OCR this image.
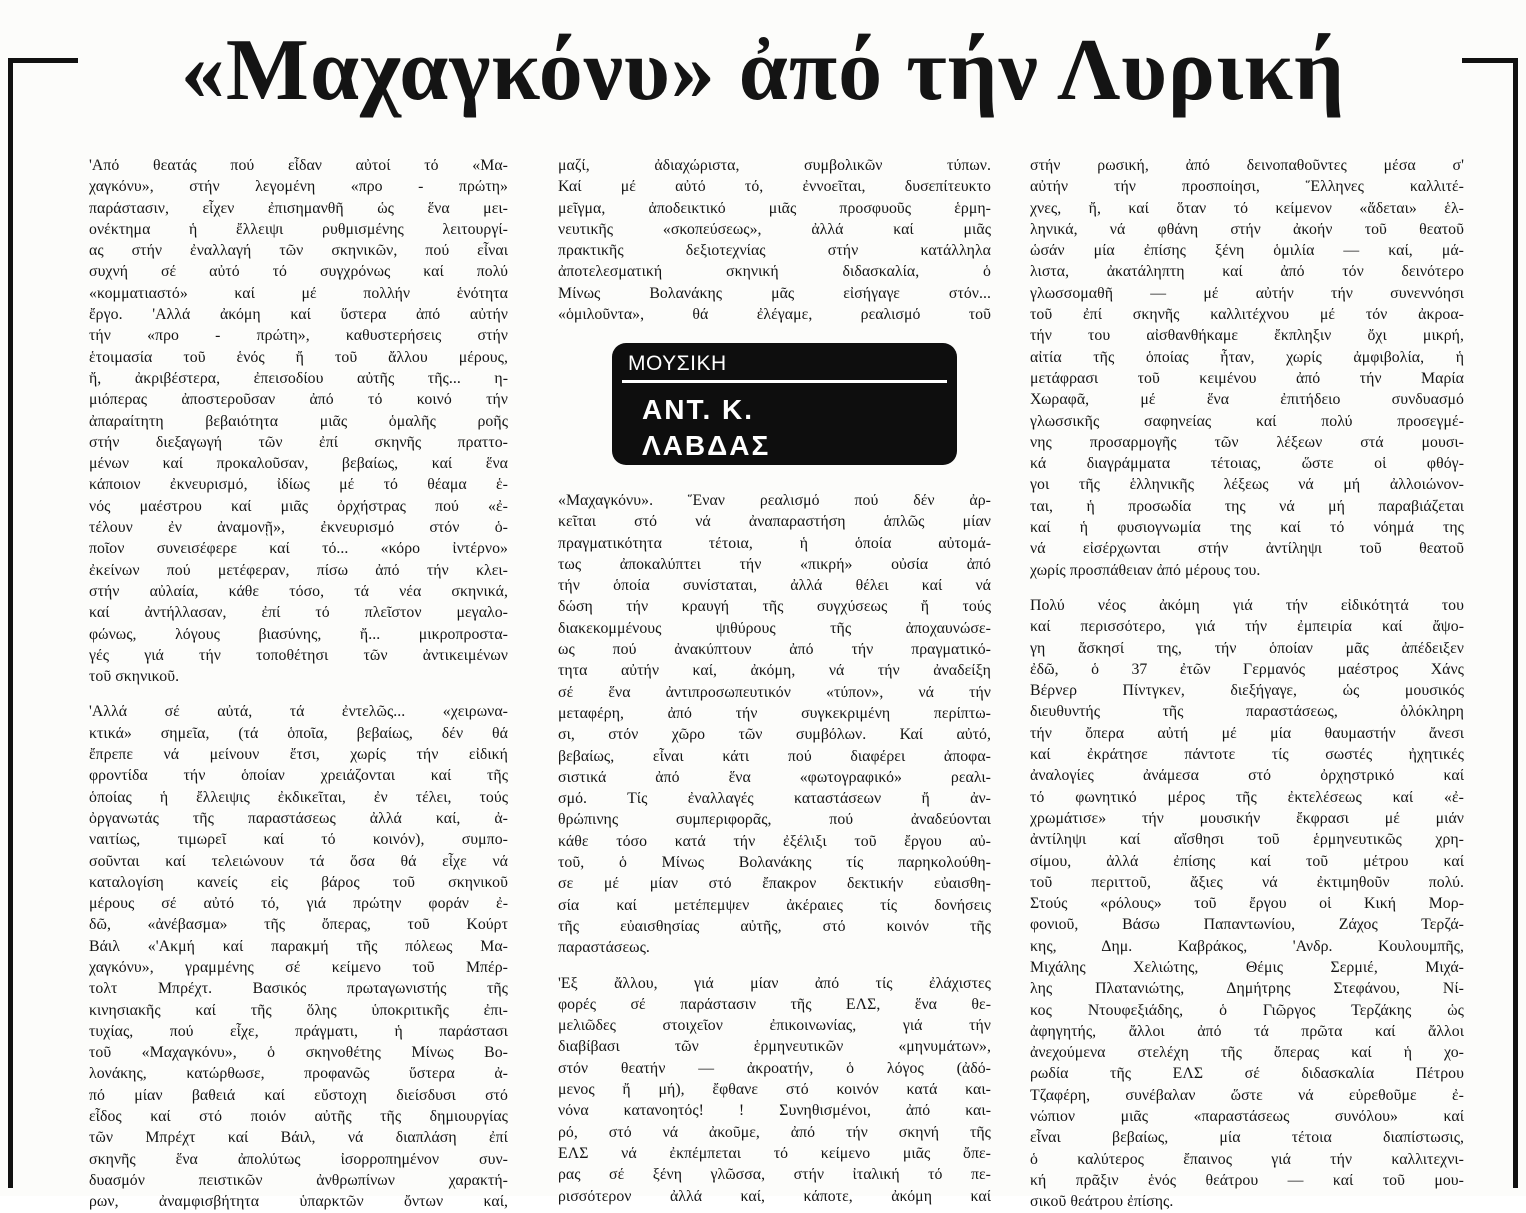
«Μαχαγκόνυ» ἀπό τήν Λυρική
'Από θεατάς πού εἶδαν αὐτοί τό «Μα-
χαγκόνυ», στήν λεγομένη «προ - πρώτη»
παράστασιν, εἶχεν ἐπισημανθῆ ὡς ἕνα μει-
ονέκτημα ἡ ἔλλειψι ρυθμισμένης λειτουργί-
ας στήν ἐναλλαγή τῶν σκηνικῶν, πού εἶναι
συχνή σέ αὐτό τό συγχρόνως καί πολύ
«κομματιαστό» καί μέ πολλήν ἑνότητα
ἔργο. 'Αλλά ἀκόμη καί ὕστερα ἀπό αὐτήν
τήν «προ - πρώτη», καθυστερήσεις στήν
ἑτοιμασία τοῦ ἑνός ἤ τοῦ ἄλλου μέρους,
ἤ, ἀκριβέστερα, ἐπεισοδίου αὐτῆς τῆς... η-
μιόπερας ἀποστεροῦσαν ἀπό τό κοινό τήν
ἀπαραίτητη βεβαιότητα μιᾶς ὁμαλῆς ροῆς
στήν διεξαγωγή τῶν ἐπί σκηνῆς πραττο-
μένων καί προκαλοῦσαν, βεβαίως, καί ἕνα
κάποιον ἐκνευρισμό, ἰδίως μέ τό θέαμα ἑ-
νός μαέστρου καί μιᾶς ὀρχήστρας πού «ἐ-
τέλουν ἐν ἀναμονῇ», ἐκνευρισμό στόν ὁ-
ποῖον συνεισέφερε καί τό... «κόρο ἰντέρνο»
ἐκείνων πού μετέφεραν, πίσω ἀπό τήν κλει-
στήν αὐλαία, κάθε τόσο, τά νέα σκηνικά,
καί ἀντήλλασαν, ἐπί τό πλεῖστον μεγαλο-
φώνως, λόγους βιασύνης, ἤ... μικροπροστα-
γές γιά τήν τοποθέτησι τῶν ἀντικειμένων
τοῦ σκηνικοῦ.
'Αλλά σέ αὐτά, τά ἐντελῶς... «χειρωνα-
κτικά» σημεῖα, (τά ὁποῖα, βεβαίως, δέν θά
ἔπρεπε νά μείνουν ἔτσι, χωρίς τήν εἰδική
φροντίδα τήν ὁποίαν χρειάζονται καί τῆς
ὁποίας ἡ ἔλλειψις ἐκδικεῖται, ἐν τέλει, τούς
ὀργανωτάς τῆς παραστάσεως ἀλλά καί, ἀ-
ναιτίως, τιμωρεῖ καί τό κοινόν), συμπο-
σοῦνται καί τελειώνουν τά ὅσα θά εἶχε νά
καταλογίση κανείς εἰς βάρος τοῦ σκηνικοῦ
μέρους σέ αὐτό τό, γιά πρώτην φοράν ἐ-
δῶ, «ἀνέβασμα» τῆς ὄπερας, τοῦ Κούρτ
Βάιλ «'Ακμή καί παρακμή τῆς πόλεως Μα-
χαγκόνυ», γραμμένης σέ κείμενο τοῦ Μπέρ-
τολτ Μπρέχτ. Βασικός πρωταγωνιστής τῆς
κινησιακῆς καί τῆς ὅλης ὑποκριτικῆς ἐπι-
τυχίας, πού εἶχε, πράγματι, ἡ παράστασι
τοῦ «Μαχαγκόνυ», ὁ σκηνοθέτης Μίνως Βο-
λονάκης, κατώρθωσε, προφανῶς ὕστερα ἀ-
πό μίαν βαθειά καί εὔστοχη διείσδυσι στό
εἶδος καί στό ποιόν αὐτῆς τῆς δημιουργίας
τῶν Μπρέχτ καί Βάιλ, νά διαπλάση ἐπί
σκηνῆς ἕνα ἀπολύτως ἰσορροπημένον συν-
δυασμόν πειστικῶν ἀνθρωπίνων χαρακτή-
ρων, ἀναμφισβήτητα ὑπαρκτῶν ὄντων καί,
μαζί, ἀδιαχώριστα, συμβολικῶν τύπων.
Καί μέ αὐτό τό, ἐννοεῖται, δυσεπίτευκτο
μεῖγμα, ἀποδεικτικό μιᾶς προσφυοῦς ἑρμη-
νευτικῆς «σκοπεύσεως», ἀλλά καί μιᾶς
πρακτικῆς δεξιοτεχνίας στήν κατάλληλα
ἀποτελεσματική σκηνική διδασκαλία, ὁ
Μίνως Βολανάκης μᾶς εἰσήγαγε στόν...
«ὁμιλοῦντα», θά ἐλέγαμε, ρεαλισμό τοῦ
«Μαχαγκόνυ». Ἕναν ρεαλισμό πού δέν ἀρ-
κεῖται στό νά ἀναπαραστήση ἁπλῶς μίαν
πραγματικότητα τέτοια, ἡ ὁποία αὐτομά-
τως ἀποκαλύπτει τήν «πικρή» οὐσία ἀπό
τήν ὁποία συνίσταται, ἀλλά θέλει καί νά
δώση τήν κραυγή τῆς συγχύσεως ἤ τούς
διακεκομμένους ψιθύρους τῆς ἀποχαυνώσε-
ως πού ἀνακύπτουν ἀπό τήν πραγματικό-
τητα αὐτήν καί, ἀκόμη, νά τήν ἀναδείξη
σέ ἕνα ἀντιπροσωπευτικόν «τύπον», νά τήν
μεταφέρη, ἀπό τήν συγκεκριμένη περίπτω-
σι, στόν χῶρο τῶν συμβόλων. Καί αὐτό,
βεβαίως, εἶναι κάτι πού διαφέρει ἀποφα-
σιστικά ἀπό ἕνα «φωτογραφικό» ρεαλι-
σμό. Τίς ἐναλλαγές καταστάσεων ἤ ἀν-
θρώπινης συμπεριφορᾶς, πού ἀναδεύονται
κάθε τόσο κατά τήν ἐξέλιξι τοῦ ἔργου αὐ-
τοῦ, ὁ Μίνως Βολανάκης τίς παρηκολούθη-
σε μέ μίαν στό ἔπακρον δεκτικήν εὐαισθη-
σία καί μετέπεμψεν ἀκέραιες τίς δονήσεις
τῆς εὐαισθησίας αὐτῆς, στό κοινόν τῆς
παραστάσεως.
'Εξ ἄλλου, γιά μίαν ἀπό τίς ἐλάχιστες
φορές σέ παράστασιν τῆς ΕΛΣ, ἕνα θε-
μελιῶδες στοιχεῖον ἐπικοινωνίας, γιά τήν
διαβίβασι τῶν ἑρμηνευτικῶν «μηνυμάτων»,
στόν θεατήν — ἀκροατήν, ὁ λόγος (ἀδό-
μενος ἤ μή), ἔφθανε στό κοινόν κατά και-
νόνα κατανοητός! ! Συνηθισμένοι, ἀπό και-
ρό, στό νά ἀκοῦμε, ἀπό τήν σκηνή τῆς
ΕΛΣ νά ἐκπέμπεται τό κείμενο μιᾶς ὄπε-
ρας σέ ξένη γλῶσσα, στήν ἰταλική τό πε-
ρισσότερον ἀλλά καί, κάποτε, ἀκόμη καί
στήν ρωσική, ἀπό δεινοπαθοῦντες μέσα σ'
αὐτήν τήν προσποίησι, Ἕλληνες καλλιτέ-
χνες, ἤ, καί ὅταν τό κείμενον «ἄδεται» ἑλ-
ληνικά, νά φθάνη στήν ἀκοήν τοῦ θεατοῦ
ὡσάν μία ἐπίσης ξένη ὁμιλία — καί, μά-
λιστα, ἀκατάληπτη καί ἀπό τόν δεινότερο
γλωσσομαθῆ — μέ αὐτήν τήν συνεννόησι
τοῦ ἐπί σκηνῆς καλλιτέχνου μέ τόν ἀκροα-
τήν του αἰσθανθήκαμε ἔκπληξιν ὄχι μικρή,
αἰτία τῆς ὁποίας ἦταν, χωρίς ἀμφιβολία, ἡ
μετάφρασι τοῦ κειμένου ἀπό τήν Μαρία
Χωραφᾶ, μέ ἕνα ἐπιτήδειο συνδυασμό
γλωσσικῆς σαφηνείας καί πολύ προσεγμέ-
νης προσαρμογῆς τῶν λέξεων στά μουσι-
κά διαγράμματα τέτοιας, ὥστε οἱ φθόγ-
γοι τῆς ἑλληνικῆς λέξεως νά μή ἀλλοιώνον-
ται, ἡ προσωδία της νά μή παραβιάζεται
καί ἡ φυσιογνωμία της καί τό νόημά της
νά εἰσέρχωνται στήν ἀντίληψι τοῦ θεατοῦ
χωρίς προσπάθειαν ἀπό μέρους του.
Πολύ νέος ἀκόμη γιά τήν εἰδικότητά του
καί περισσότερο, γιά τήν ἐμπειρία καί ἄψο-
γη ἄσκησί της, τήν ὁποίαν μᾶς ἀπέδειξεν
ἐδῶ, ὁ 37 ἐτῶν Γερμανός μαέστρος Χάνς
Βέρνερ Πίντγκεν, διεξήγαγε, ὡς μουσικός
διευθυντής τῆς παραστάσεως, ὁλόκληρη
τήν ὄπερα αὐτή μέ μία θαυμαστήν ἄνεσι
καί ἐκράτησε πάντοτε τίς σωστές ἠχητικές
ἀναλογίες ἀνάμεσα στό ὀρχηστρικό καί
τό φωνητικό μέρος τῆς ἐκτελέσεως καί «ἐ-
χρωμάτισε» τήν μουσικήν ἔκφρασι μέ μιάν
ἀντίληψι καί αἴσθησι τοῦ ἑρμηνευτικῶς χρη-
σίμου, ἀλλά ἐπίσης καί τοῦ μέτρου καί
τοῦ περιττοῦ, ἄξιες νά ἐκτιμηθοῦν πολύ.
Στούς «ρόλους» τοῦ ἔργου οἱ Κική Μορ-
φονιοῦ, Βάσω Παπαντωνίου, Ζάχος Τερζά-
κης, Δημ. Καβράκος, 'Ανδρ. Κουλουμπῆς,
Μιχάλης Χελιώτης, Θέμις Σερμιέ, Μιχά-
λης Πλατανιώτης, Δημήτρης Στεφάνου, Νί-
κος Ντουφεξιάδης, ὁ Γιῶργος Τερζάκης ὡς
ἀφηγητής, ἄλλοι ἀπό τά πρῶτα καί ἄλλοι
ἀνεχούμενα στελέχη τῆς ὄπερας καί ἡ χο-
ρωδία τῆς ΕΛΣ σέ διδασκαλία Πέτρου
Τζαφέρη, συνέβαλαν ὥστε νά εὑρεθοῦμε ἐ-
νώπιον μιᾶς «παραστάσεως συνόλου» καί
εἶναι βεβαίως, μία τέτοια διαπίστωσις,
ὁ καλύτερος ἔπαινος γιά τήν καλλιτεχνι-
κή πρᾶξιν ἑνός θεάτρου — καί τοῦ μου-
σικοῦ θεάτρου ἐπίσης.
ΜΟΥΣΙΚΗ
ΑΝΤ. Κ.
ΛΑΒΔΑΣ
